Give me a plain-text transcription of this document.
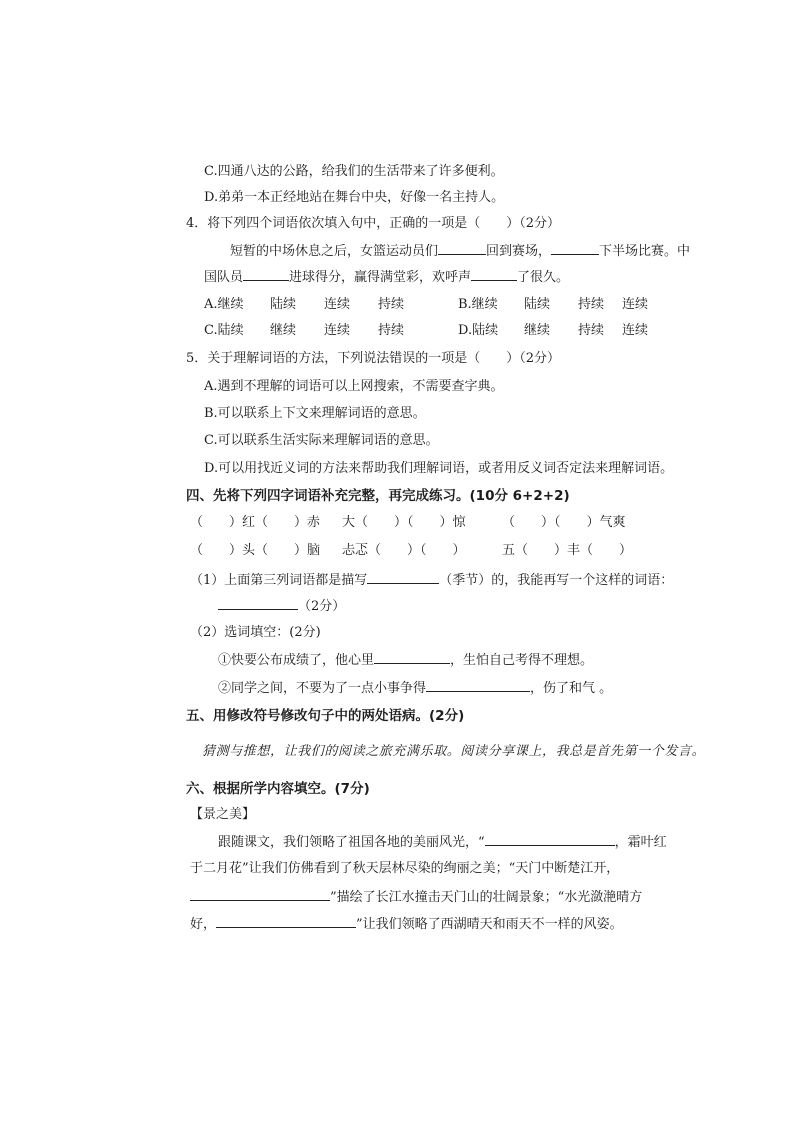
C.四通八达的公路，给我们的生活带来了许多便利。
D.弟弟一本正经地站在舞台中央，好像一名主持人。
4．将下列四个词语依次填入句中，正确的一项是（　　）（2分）
短暂的中场休息之后，女篮运动员们	回到赛场，	下半场比赛。中
国队员	进球得分，赢得满堂彩，欢呼声	了很久。
A.继续 陆续 连续 持续	B.继续 陆续 持续 连续
C.陆续 继续 连续 持续	D.陆续 继续 持续 连续
5．关于理解词语的方法，下列说法错误的一项是（　　）（2分）
A.遇到不理解的词语可以上网搜索，不需要查字典。
B.可以联系上下文来理解词语的意思。
C.可以联系生活实际来理解词语的意思。
D.可以用找近义词的方法来帮助我们理解词语，或者用反义词否定法来理解词语。
四、先将下列四字词语补充完整，再完成练习。(10分 6+2+2)
（　　）红（　　）赤 大（　　）（　　）惊	（　　）（　　）气爽
（　　）头（　　）脑 忐忑（　　）（　　）	五（　　）丰（　　）
（1）上面第三列词语都是描写	（季节）的，我能再写一个这样的词语：
（2分）
（2）选词填空：(2分)
①快要公布成绩了，他心里	，生怕自己考得不理想。
②同学之间，不要为了一点小事争得	，伤了和气 。
五、用修改符号修改句子中的两处语病。(2分)
猜测与推想，让我们的阅读之旅充满乐取。阅读分享课上，我总是首先第一个发言。
六、根据所学内容填空。(7分)
【景之美】
跟随课文，我们领略了祖国各地的美丽风光，“	，霜叶红
于二月花”让我们仿佛看到了秋天层林尽染的绚丽之美；“天门中断楚江开，
”描绘了长江水撞击天门山的壮阔景象；“水光潋滟晴方
好，	”让我们领略了西湖晴天和雨天不一样的风姿。
